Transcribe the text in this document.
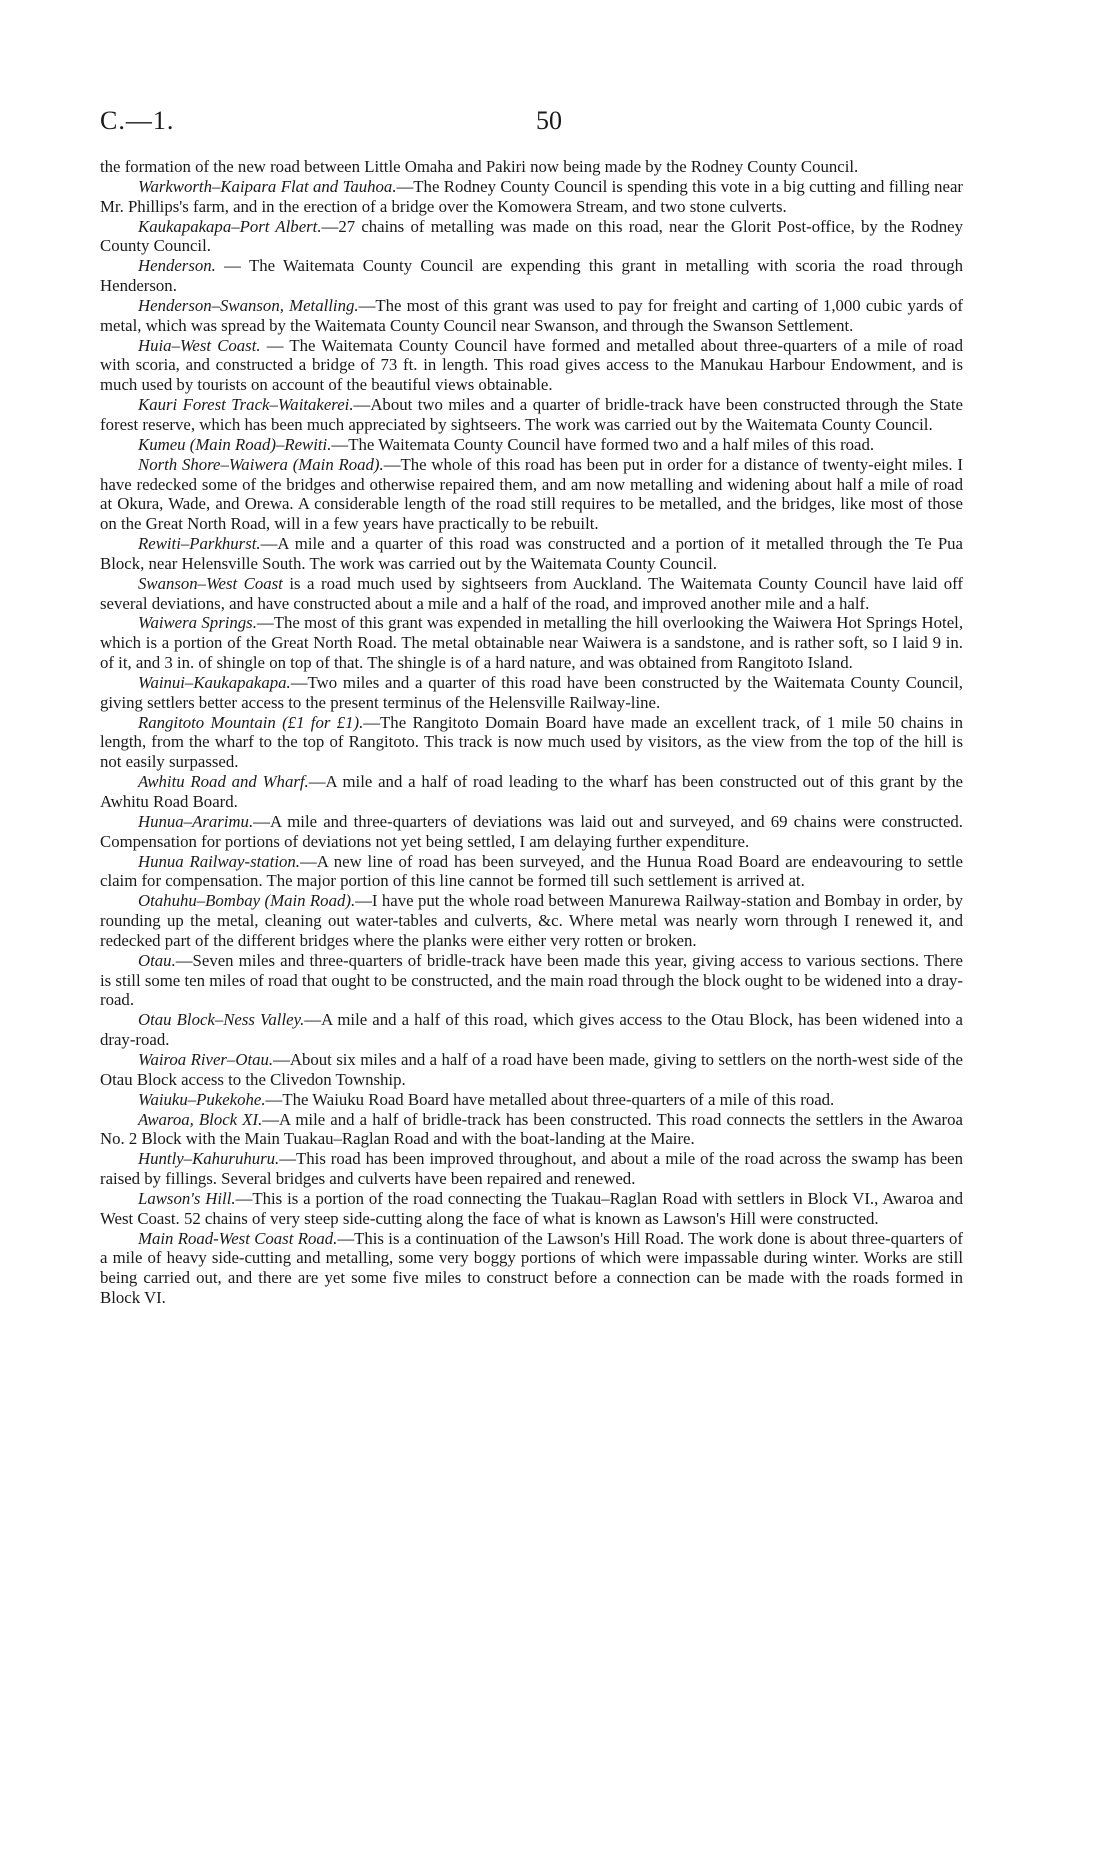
C.—1.	50

the formation of the new road between Little Omaha and Pakiri now being made by the Rodney County Council.

Warkworth–Kaipara Flat and Tauhoa.—The Rodney County Council is spending this vote in a big cutting and filling near Mr. Phillips's farm, and in the erection of a bridge over the Komowera Stream, and two stone culverts.

Kaukapakapa–Port Albert.—27 chains of metalling was made on this road, near the Glorit Post-office, by the Rodney County Council.

Henderson. — The Waitemata County Council are expending this grant in metalling with scoria the road through Henderson.

Henderson–Swanson, Metalling.—The most of this grant was used to pay for freight and carting of 1,000 cubic yards of metal, which was spread by the Waitemata County Council near Swanson, and through the Swanson Settlement.

Huia–West Coast. — The Waitemata County Council have formed and metalled about three-quarters of a mile of road with scoria, and constructed a bridge of 73 ft. in length. This road gives access to the Manukau Harbour Endowment, and is much used by tourists on account of the beautiful views obtainable.

Kauri Forest Track–Waitakerei.—About two miles and a quarter of bridle-track have been constructed through the State forest reserve, which has been much appreciated by sightseers. The work was carried out by the Waitemata County Council.

Kumeu (Main Road)–Rewiti.—The Waitemata County Council have formed two and a half miles of this road.

North Shore–Waiwera (Main Road).—The whole of this road has been put in order for a distance of twenty-eight miles. I have redecked some of the bridges and otherwise repaired them, and am now metalling and widening about half a mile of road at Okura, Wade, and Orewa. A considerable length of the road still requires to be metalled, and the bridges, like most of those on the Great North Road, will in a few years have practically to be rebuilt.

Rewiti–Parkhurst.—A mile and a quarter of this road was constructed and a portion of it metalled through the Te Pua Block, near Helensville South. The work was carried out by the Waitemata County Council.

Swanson–West Coast is a road much used by sightseers from Auckland. The Waitemata County Council have laid off several deviations, and have constructed about a mile and a half of the road, and improved another mile and a half.

Waiwera Springs.—The most of this grant was expended in metalling the hill overlooking the Waiwera Hot Springs Hotel, which is a portion of the Great North Road. The metal obtainable near Waiwera is a sandstone, and is rather soft, so I laid 9 in. of it, and 3 in. of shingle on top of that. The shingle is of a hard nature, and was obtained from Rangitoto Island.

Wainui–Kaukapakapa.—Two miles and a quarter of this road have been constructed by the Waitemata County Council, giving settlers better access to the present terminus of the Helensville Railway-line.

Rangitoto Mountain (£1 for £1).—The Rangitoto Domain Board have made an excellent track, of 1 mile 50 chains in length, from the wharf to the top of Rangitoto. This track is now much used by visitors, as the view from the top of the hill is not easily surpassed.

Awhitu Road and Wharf.—A mile and a half of road leading to the wharf has been constructed out of this grant by the Awhitu Road Board.

Hunua–Ararimu.—A mile and three-quarters of deviations was laid out and surveyed, and 69 chains were constructed. Compensation for portions of deviations not yet being settled, I am delaying further expenditure.

Hunua Railway-station.—A new line of road has been surveyed, and the Hunua Road Board are endeavouring to settle claim for compensation. The major portion of this line cannot be formed till such settlement is arrived at.

Otahuhu–Bombay (Main Road).—I have put the whole road between Manurewa Railway-station and Bombay in order, by rounding up the metal, cleaning out water-tables and culverts, &c. Where metal was nearly worn through I renewed it, and redecked part of the different bridges where the planks were either very rotten or broken.

Otau.—Seven miles and three-quarters of bridle-track have been made this year, giving access to various sections. There is still some ten miles of road that ought to be constructed, and the main road through the block ought to be widened into a dray-road.

Otau Block–Ness Valley.—A mile and a half of this road, which gives access to the Otau Block, has been widened into a dray-road.

Wairoa River–Otau.—About six miles and a half of a road have been made, giving to settlers on the north-west side of the Otau Block access to the Clivedon Township.

Waiuku–Pukekohe.—The Waiuku Road Board have metalled about three-quarters of a mile of this road.

Awaroa, Block XI.—A mile and a half of bridle-track has been constructed. This road connects the settlers in the Awaroa No. 2 Block with the Main Tuakau–Raglan Road and with the boat-landing at the Maire.

Huntly–Kahuruhuru.—This road has been improved throughout, and about a mile of the road across the swamp has been raised by fillings. Several bridges and culverts have been repaired and renewed.

Lawson's Hill.—This is a portion of the road connecting the Tuakau–Raglan Road with settlers in Block VI., Awaroa and West Coast. 52 chains of very steep side-cutting along the face of what is known as Lawson's Hill were constructed.

Main Road-West Coast Road.—This is a continuation of the Lawson's Hill Road. The work done is about three-quarters of a mile of heavy side-cutting and metalling, some very boggy portions of which were impassable during winter. Works are still being carried out, and there are yet some five miles to construct before a connection can be made with the roads formed in Block VI.
